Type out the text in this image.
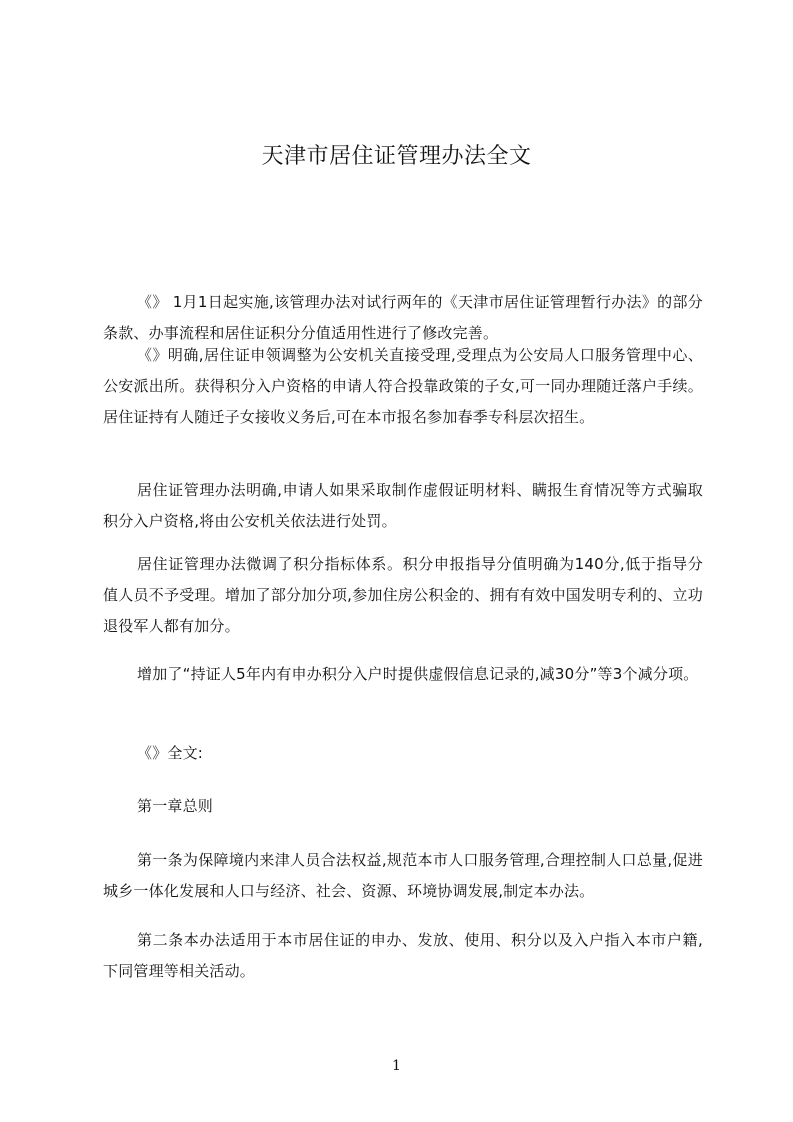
天津市居住证管理办法全文

《》 1月1日起实施,该管理办法对试行两年的《天津市居住证管理暂行办法》的部分条款、办事流程和居住证积分分值适用性进行了修改完善。

《》明确,居住证申领调整为公安机关直接受理,受理点为公安局人口服务管理中心、公安派出所。获得积分入户资格的申请人符合投靠政策的子女,可一同办理随迁落户手续。居住证持有人随迁子女接收义务后,可在本市报名参加春季专科层次招生。

居住证管理办法明确,申请人如果采取制作虚假证明材料、瞒报生育情况等方式骗取积分入户资格,将由公安机关依法进行处罚。

居住证管理办法微调了积分指标体系。积分申报指导分值明确为140分,低于指导分值人员不予受理。增加了部分加分项,参加住房公积金的、拥有有效中国发明专利的、立功退役军人都有加分。

增加了“持证人5年内有申办积分入户时提供虚假信息记录的,减30分”等3个减分项。

《》全文:

第一章总则

第一条为保障境内来津人员合法权益,规范本市人口服务管理,合理控制人口总量,促进城乡一体化发展和人口与经济、社会、资源、环境协调发展,制定本办法。

第二条本办法适用于本市居住证的申办、发放、使用、积分以及入户指入本市户籍,下同管理等相关活动。

1
